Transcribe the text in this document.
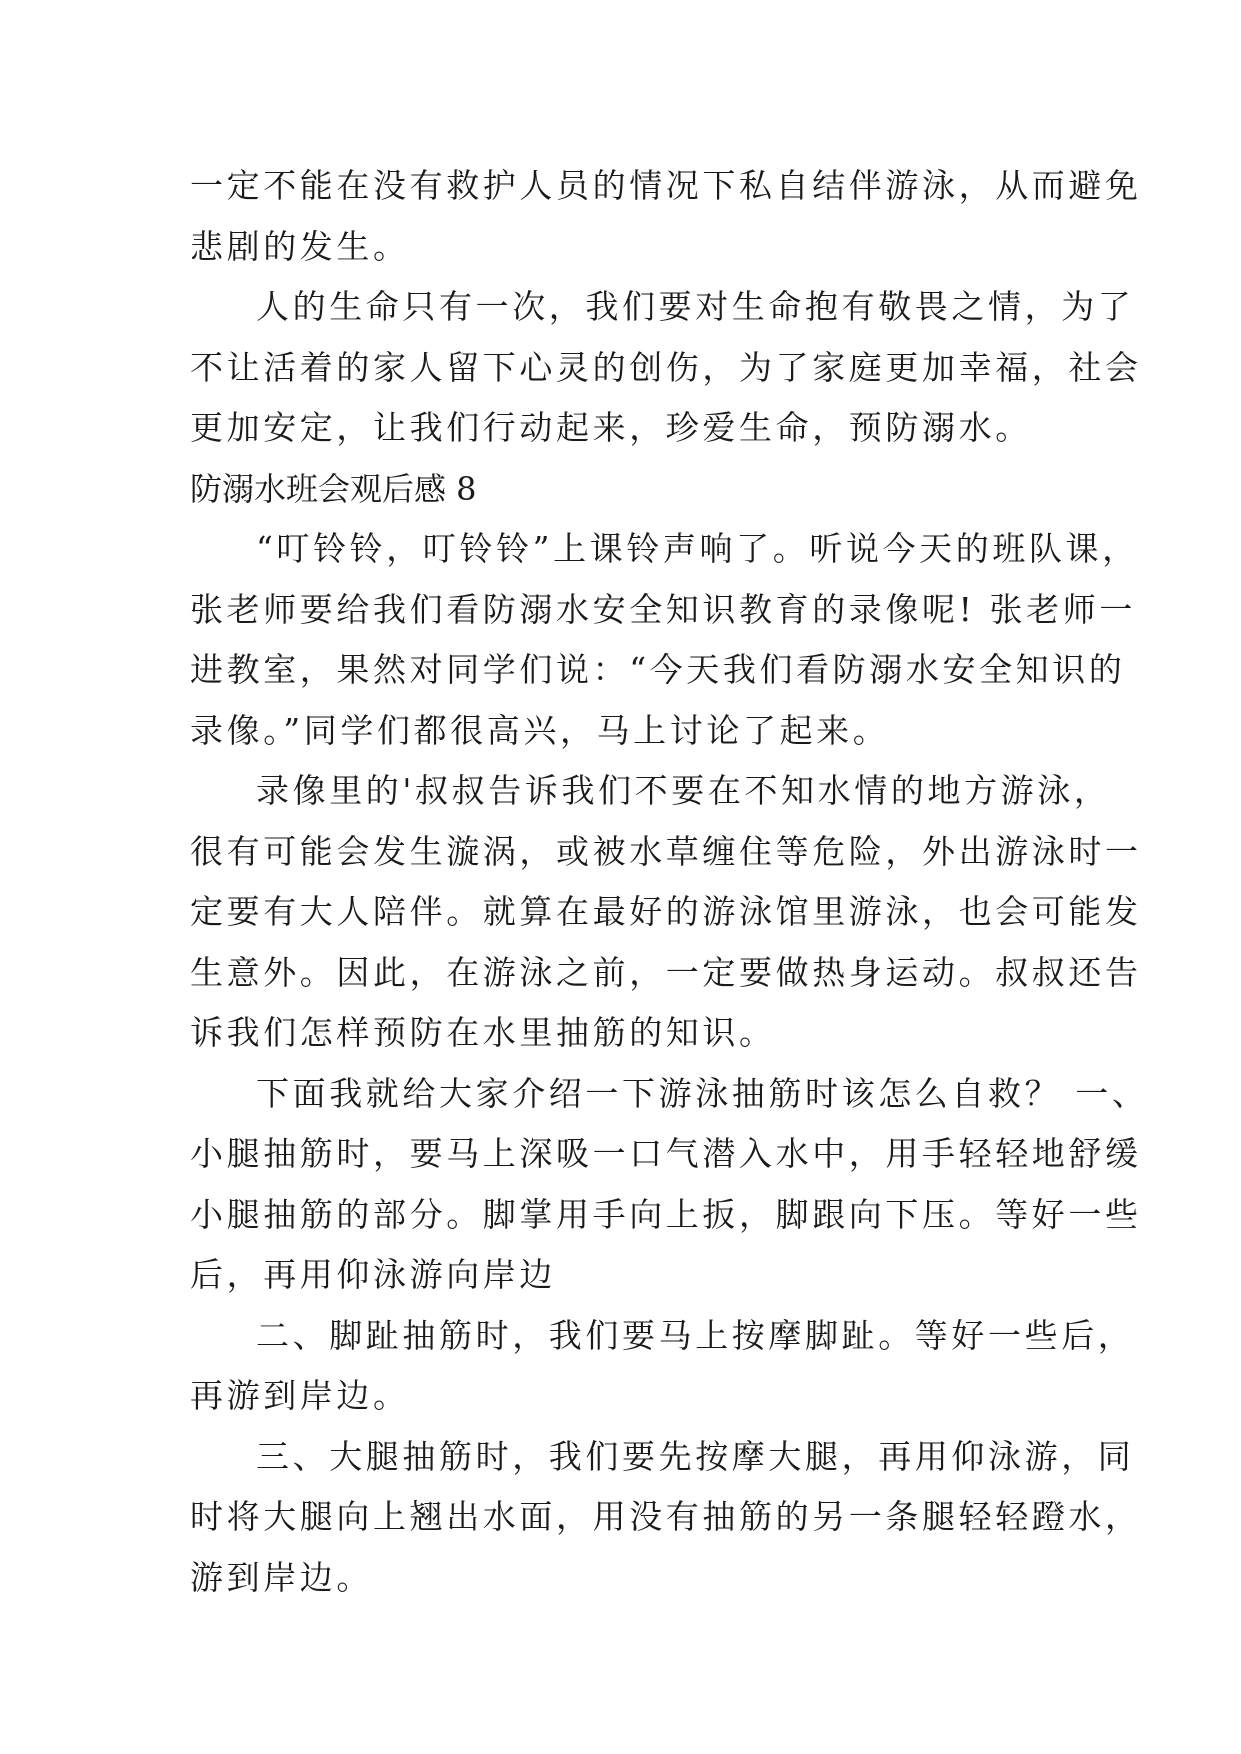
一定不能在没有救护人员的情况下私自结伴游泳，从而避免
悲剧的发生。
人的生命只有一次，我们要对生命抱有敬畏之情，为了
不让活着的家人留下心灵的创伤，为了家庭更加幸福，社会
更加安定，让我们行动起来，珍爱生命，预防溺水。
防溺水班会观后感 8
“叮铃铃，叮铃铃”上课铃声响了。听说今天的班队课，
张老师要给我们看防溺水安全知识教育的录像呢! 张老师一
进教室，果然对同学们说：“今天我们看防溺水安全知识的
录像。”同学们都很高兴，马上讨论了起来。
录像里的'叔叔告诉我们不要在不知水情的地方游泳，
很有可能会发生漩涡，或被水草缠住等危险，外出游泳时一
定要有大人陪伴。就算在最好的游泳馆里游泳，也会可能发
生意外。因此，在游泳之前，一定要做热身运动。叔叔还告
诉我们怎样预防在水里抽筋的知识。
下面我就给大家介绍一下游泳抽筋时该怎么自救？ 一、
小腿抽筋时，要马上深吸一口气潜入水中，用手轻轻地舒缓
小腿抽筋的部分。脚掌用手向上扳，脚跟向下压。等好一些
后，再用仰泳游向岸边
二、脚趾抽筋时，我们要马上按摩脚趾。等好一些后，
再游到岸边。
三、大腿抽筋时，我们要先按摩大腿，再用仰泳游，同
时将大腿向上翘出水面，用没有抽筋的另一条腿轻轻蹬水，
游到岸边。
